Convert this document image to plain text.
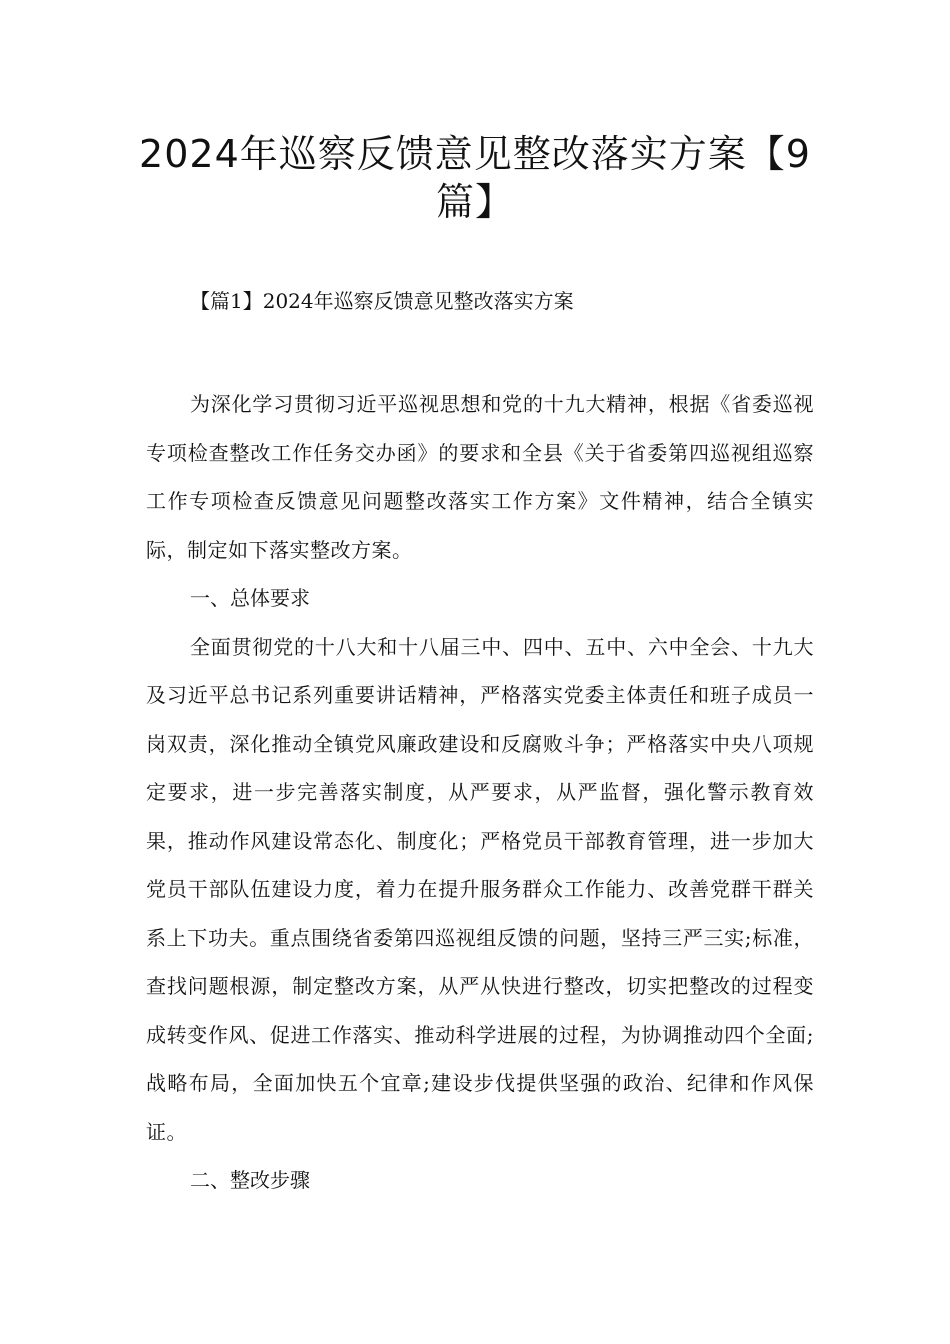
2024年巡察反馈意见整改落实方案【9篇】

【篇1】2024年巡察反馈意见整改落实方案

为深化学习贯彻习近平巡视思想和党的十九大精神，根据《省委巡视专项检查整改工作任务交办函》的要求和全县《关于省委第四巡视组巡察工作专项检查反馈意见问题整改落实工作方案》文件精神，结合全镇实际，制定如下落实整改方案。

一、总体要求

全面贯彻党的十八大和十八届三中、四中、五中、六中全会、十九大及习近平总书记系列重要讲话精神，严格落实党委主体责任和班子成员一岗双责，深化推动全镇党风廉政建设和反腐败斗争；严格落实中央八项规定要求，进一步完善落实制度，从严要求，从严监督，强化警示教育效果，推动作风建设常态化、制度化；严格党员干部教育管理，进一步加大党员干部队伍建设力度，着力在提升服务群众工作能力、改善党群干群关系上下功夫。重点围绕省委第四巡视组反馈的问题，坚持三严三实;标准，查找问题根源，制定整改方案，从严从快进行整改，切实把整改的过程变成转变作风、促进工作落实、推动科学进展的过程，为协调推动四个全面;战略布局，全面加快五个宜章;建设步伐提供坚强的政治、纪律和作风保证。

二、整改步骤
